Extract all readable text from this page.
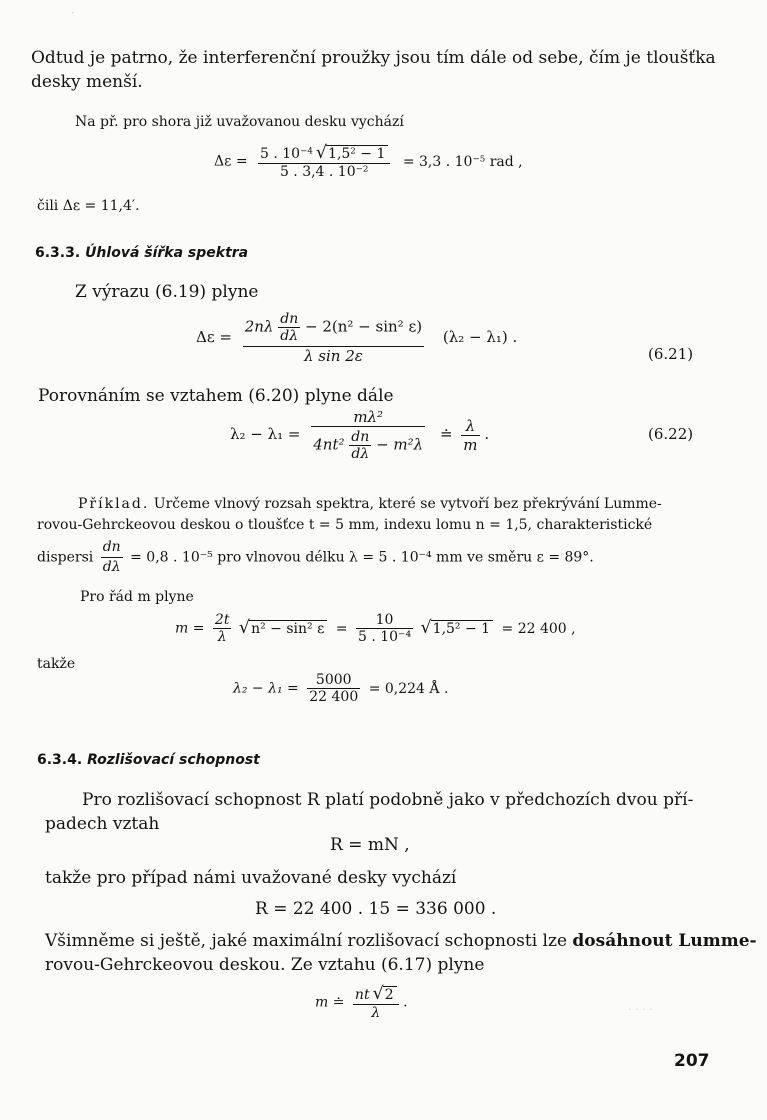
·
Odtud je patrno, že interferenční proužky jsou tím dále od sebe, čím je tloušťka
desky menší.
Na př. pro shora již uvažovanou desku vychází
$\Delta\varepsilon = \frac{5 . 10^{-4} √1,5^2 - 1}{5 . 3,4 . 10^{-2}} = 3,3$ . $10^{-5}$ rad ,
čili Δε = 11,4′.
6.3.3. Úhlová šířka spektra
Z výrazu (6.19) plyne
$\Delta\varepsilon = \frac{2n\lambda \frac{dn}{d\lambda} - 2(n^2 - \sin^2 \varepsilon)}{\text{λ sin 2ε}} (\lambda_2 - \lambda_1)$ .
(6.21)
Porovnáním se vztahem (6.20) plyne dále
$\lambda_2 - \lambda_1 = \frac{\text{mλ²}}{4nt^2 \frac{dn}{d\lambda} - m^2\lambda}$ ≐ $\frac{\lambda}{m}$ .	(6.22)
Příklad. Určeme vlnový rozsah spektra, které se vytvoří bez překrývání Lumme-
rovou-Gehrckeovou deskou o tloušťce t = 5 mm, indexu lomu n = 1,5, charakteristické
dispersi $\frac{dn}{d\lambda} = 0,8$ . 10⁻⁵ pro vlnovou délku λ = 5 . 10⁻⁴ mm ve směru ε = 89°.
Pro řád m plyne
$m = \frac{2t}{\lambda} √n^2 - \sin^2$ $\varepsilon = \frac{10}{\text{5 . 10⁻⁴}} √1,5^2 - 1 = 22$ 400 ,
takže
$\lambda_2 - \lambda_1 = \frac{5000}{22 400} = 0,224$ Å .
6.3.4. Rozlišovací schopnost
Pro rozlišovací schopnost R platí podobně jako v předchozích dvou pří-
padech vztah
R = mN ,
takže pro případ námi uvažované desky vychází
R = 22 400 . 15 = 336 000 .
Všimněme si ještě, jaké maximální rozlišovací schopnosti lze dosáhnout Lumme-
rovou-Gehrckeovou deskou. Ze vztahu (6.17) plyne
m ≐ $\frac{nt √2}{\lambda}$ .	· · · ·
207
